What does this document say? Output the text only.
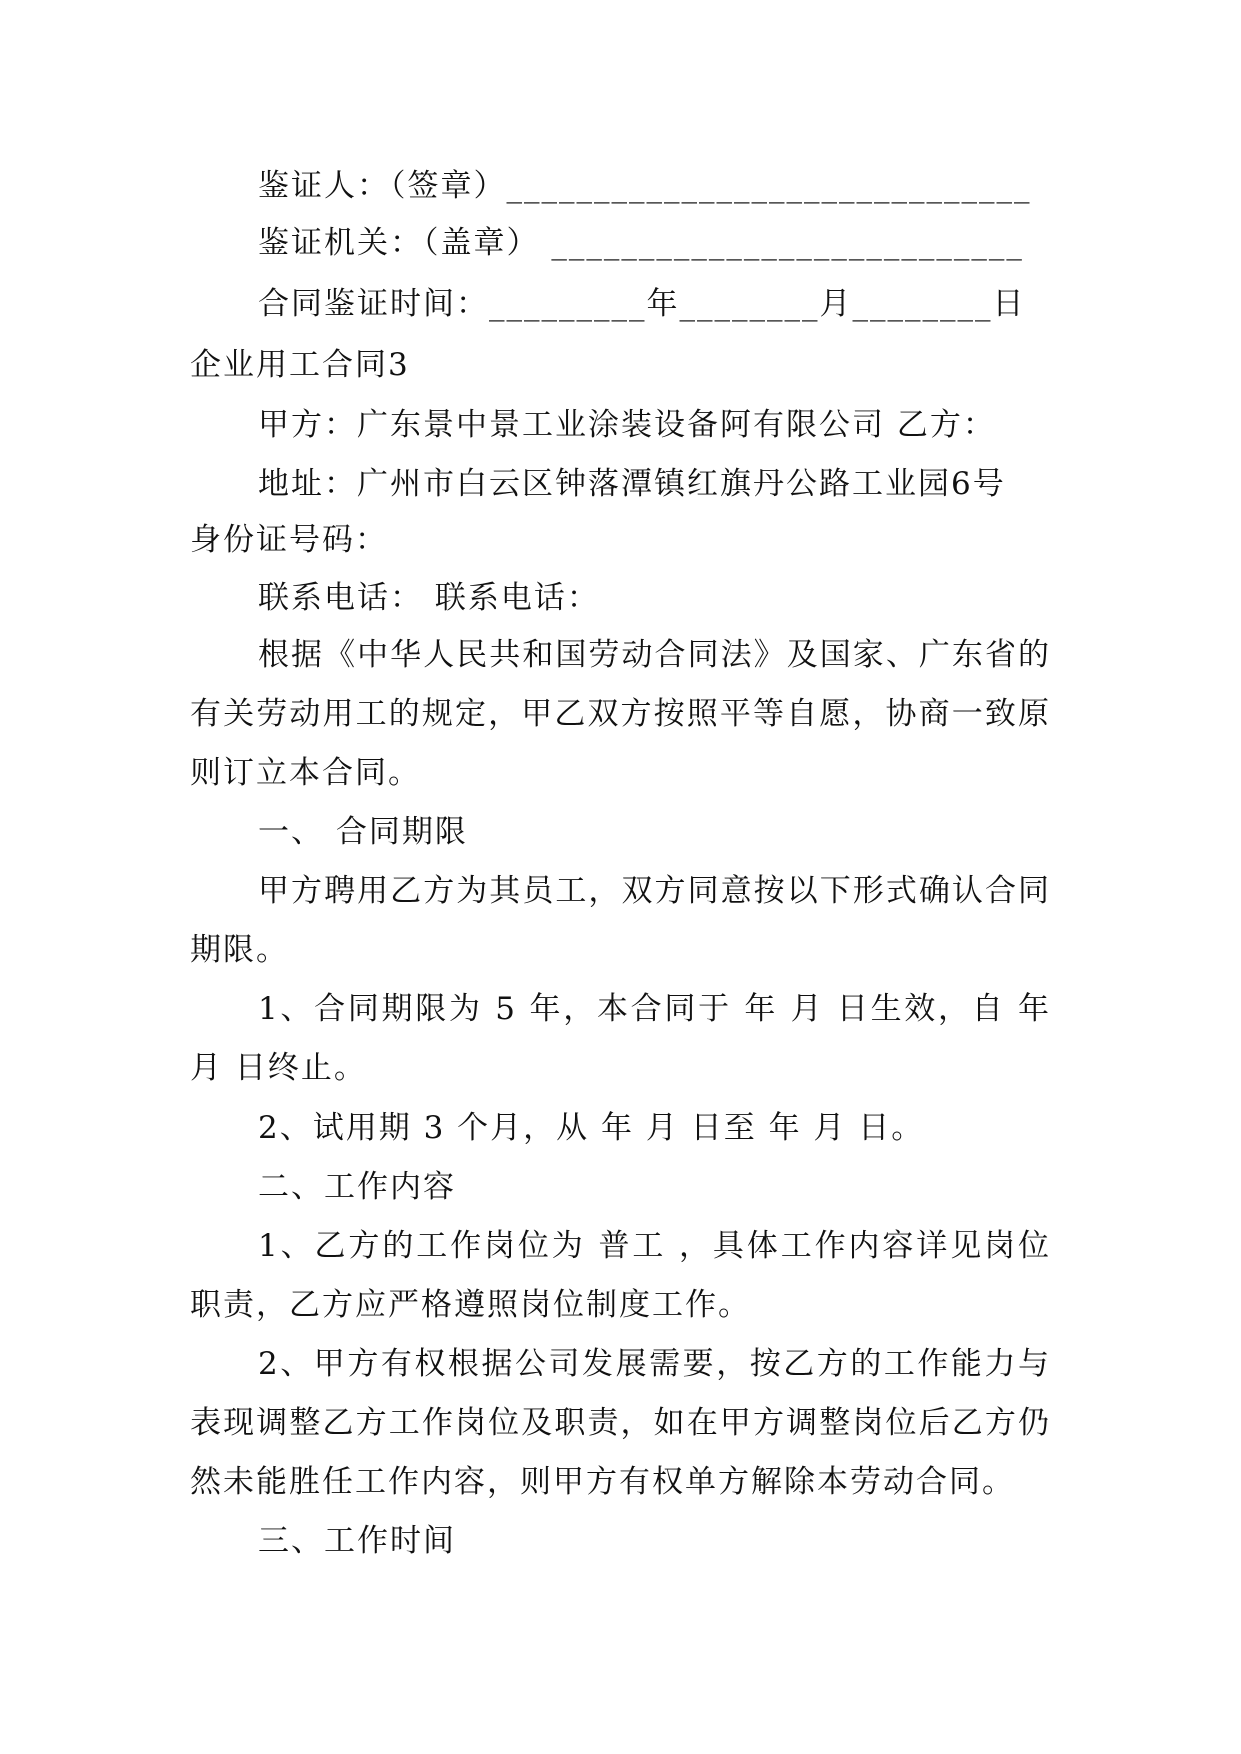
鉴证人：（签章）______________________________
鉴证机关：（盖章） ___________________________
合同鉴证时间：_________年________月________日
企业用工合同3
甲方：广东景中景工业涂装设备阿有限公司 乙方：
地址：广州市白云区钟落潭镇红旗丹公路工业园6号
身份证号码：
联系电话： 联系电话：
根据《中华人民共和国劳动合同法》及国家、广东省的
有关劳动用工的规定，甲乙双方按照平等自愿，协商一致原
则订立本合同。
一、 合同期限
甲方聘用乙方为其员工，双方同意按以下形式确认合同
期限。
1、合同期限为 5 年，本合同于 年 月 日生效，自 年
月 日终止。
2、试用期 3 个月，从 年 月 日至 年 月 日。
二、工作内容
1、乙方的工作岗位为 普工 ，具体工作内容详见岗位
职责，乙方应严格遵照岗位制度工作。
2、甲方有权根据公司发展需要，按乙方的工作能力与
表现调整乙方工作岗位及职责，如在甲方调整岗位后乙方仍
然未能胜任工作内容，则甲方有权单方解除本劳动合同。
三、工作时间
